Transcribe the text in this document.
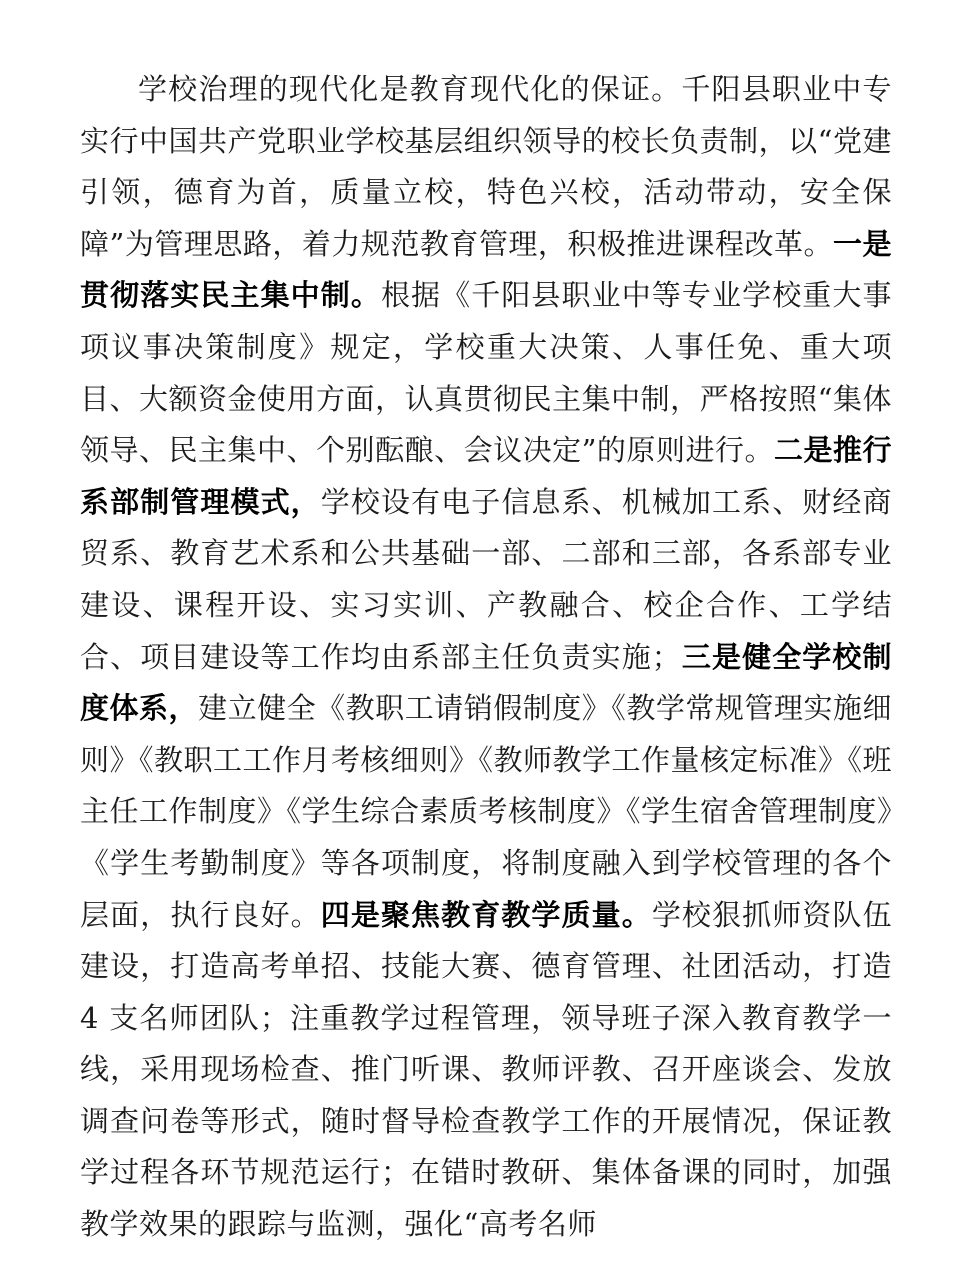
学校治理的现代化是教育现代化的保证。千阳县职业中专实行中国共产党职业学校基层组织领导的校长负责制，以“党建引领，德育为首，质量立校，特色兴校，活动带动，安全保障”为管理思路，着力规范教育管理，积极推进课程改革。一是贯彻落实民主集中制。根据《千阳县职业中等专业学校重大事项议事决策制度》规定，学校重大决策、人事任免、重大项目、大额资金使用方面，认真贯彻民主集中制，严格按照“集体领导、民主集中、个别酝酿、会议决定”的原则进行。二是推行系部制管理模式，学校设有电子信息系、机械加工系、财经商贸系、教育艺术系和公共基础一部、二部和三部，各系部专业建设、课程开设、实习实训、产教融合、校企合作、工学结合、项目建设等工作均由系部主任负责实施；三是健全学校制度体系，建立健全《教职工请销假制度》《教学常规管理实施细则》《教职工工作月考核细则》《教师教学工作量核定标准》《班主任工作制度》《学生综合素质考核制度》《学生宿舍管理制度》《学生考勤制度》等各项制度，将制度融入到学校管理的各个层面，执行良好。四是聚焦教育教学质量。学校狠抓师资队伍建设，打造高考单招、技能大赛、德育管理、社团活动，打造 4 支名师团队；注重教学过程管理，领导班子深入教育教学一线，采用现场检查、推门听课、教师评教、召开座谈会、发放调查问卷等形式，随时督导检查教学工作的开展情况，保证教学过程各环节规范运行；在错时教研、集体备课的同时，加强教学效果的跟踪与监测，强化“高考名师
